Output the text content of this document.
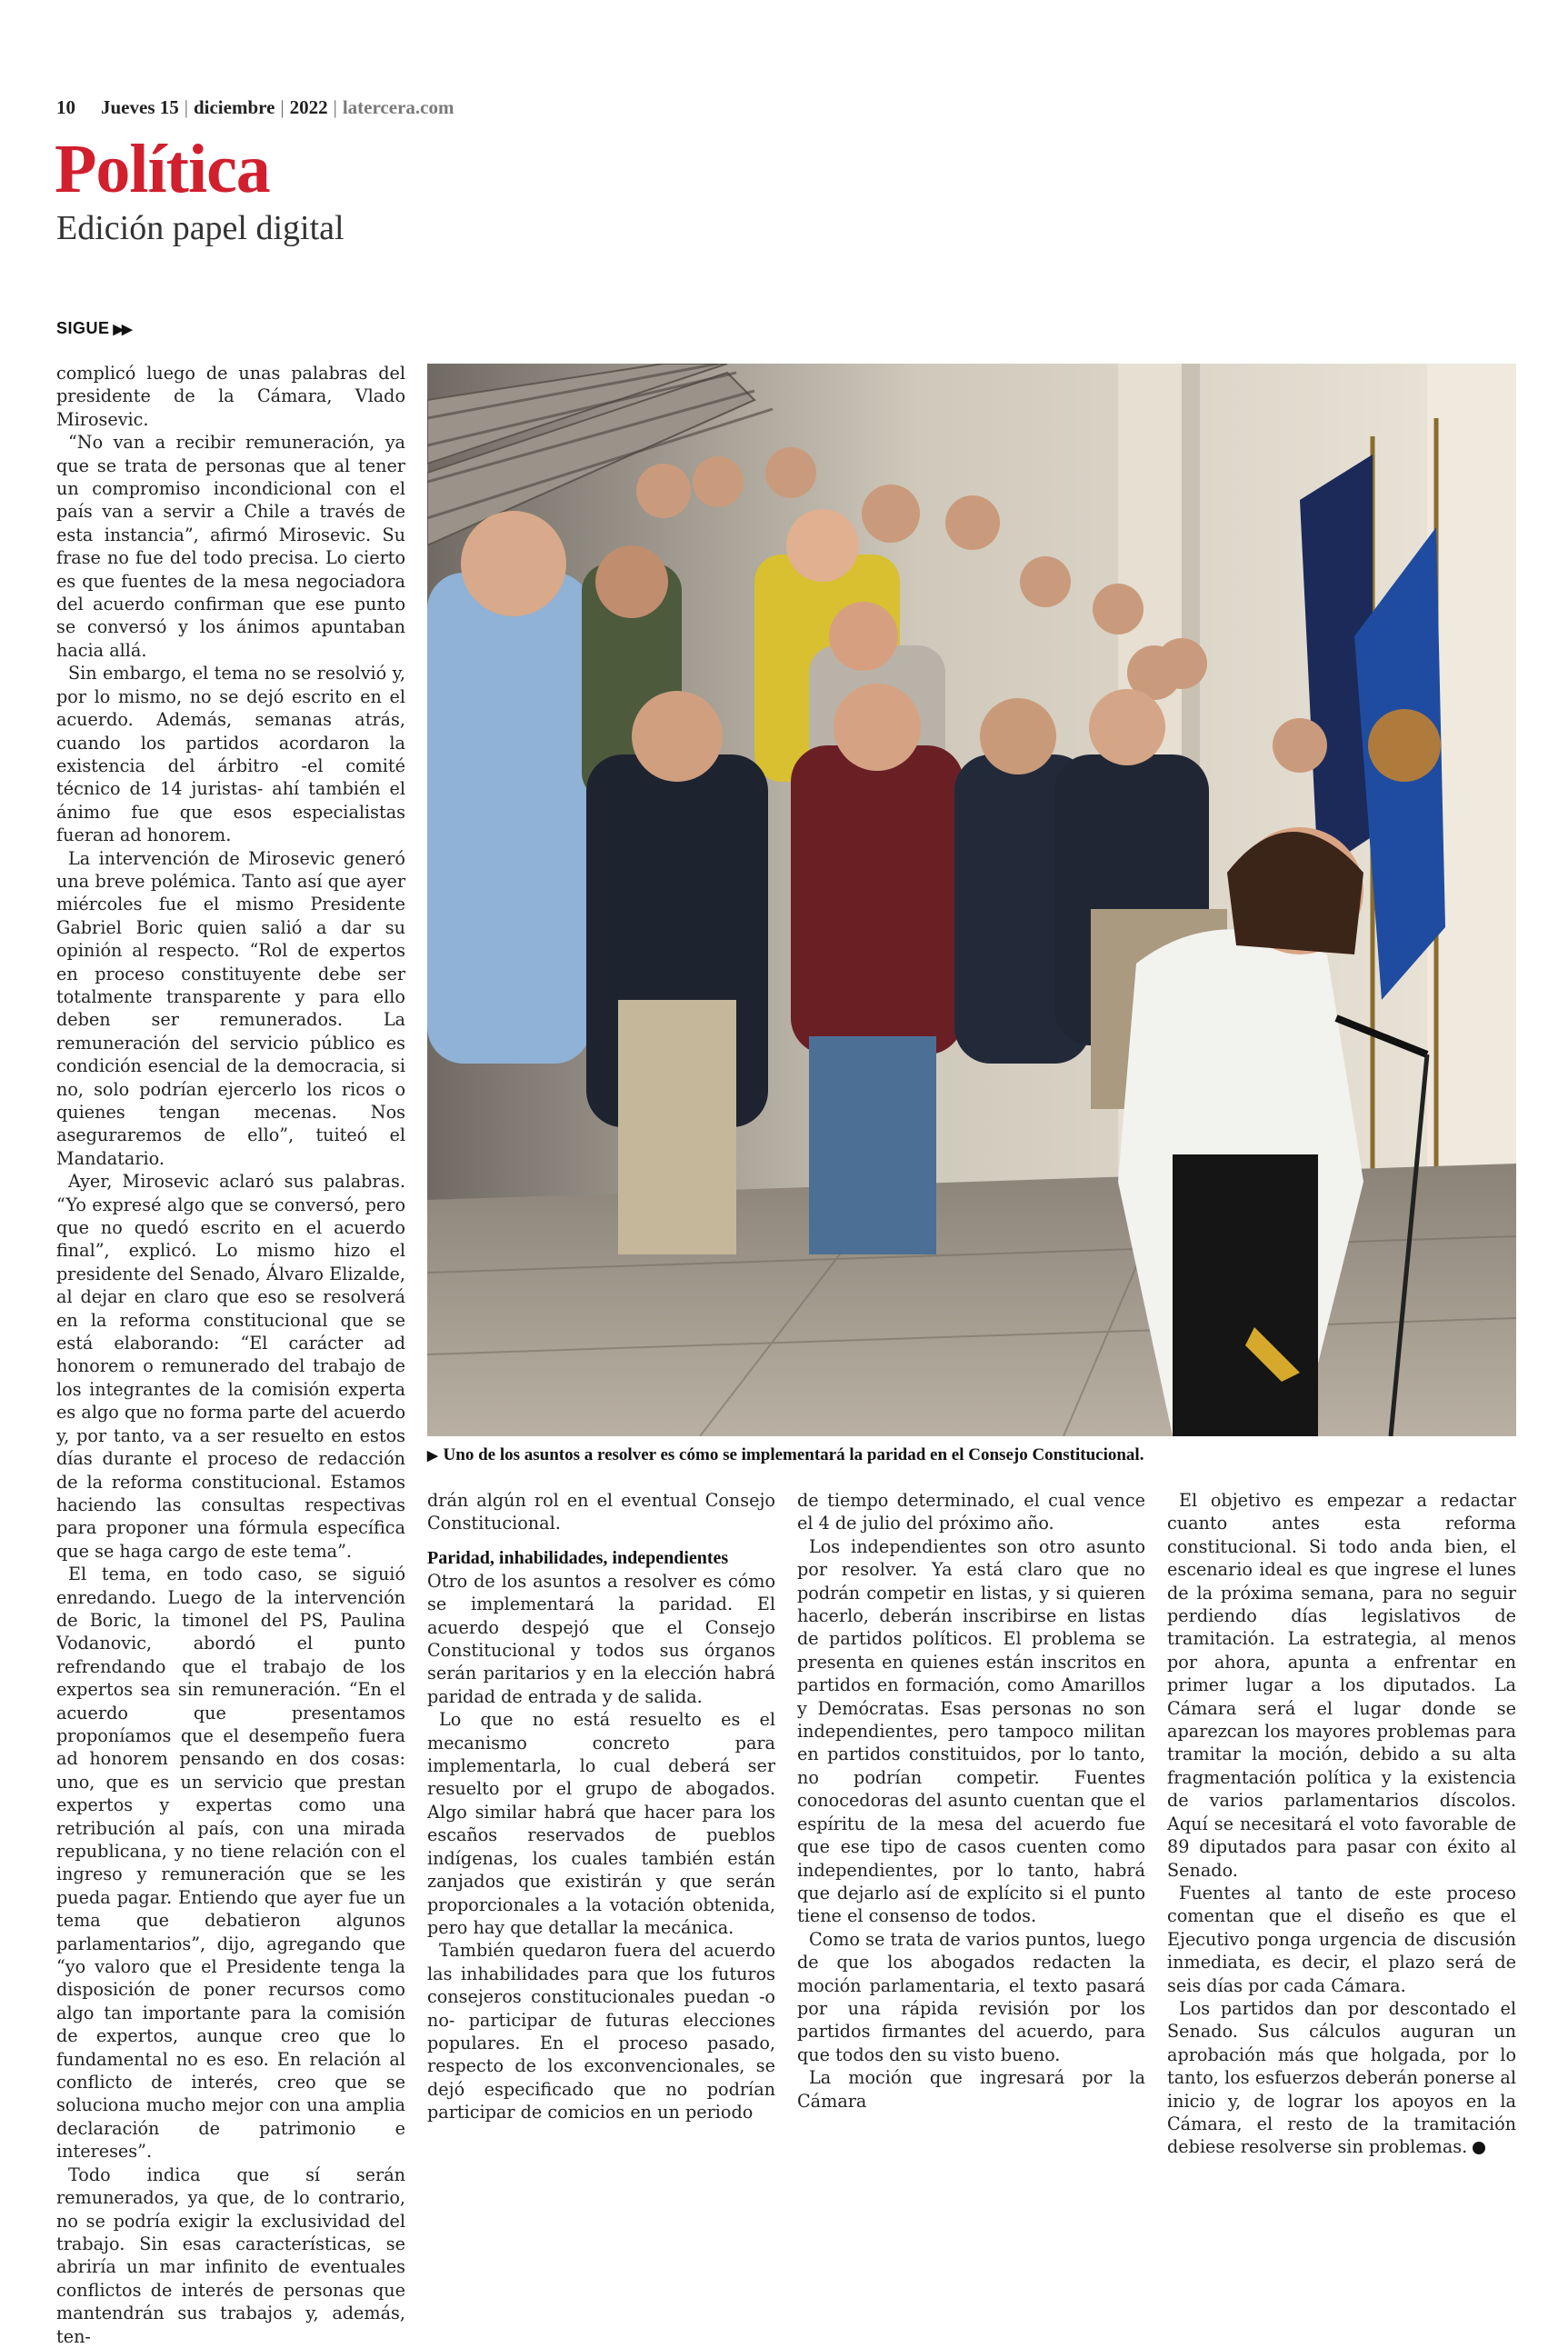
10 Jueves 15 | diciembre | 2022 | latercera.com
Política
Edición papel digital
SIGUE ▶▶

complicó luego de unas palabras del presidente de la Cámara, Vlado Mirosevic.

“No van a recibir remuneración, ya que se trata de personas que al tener un compromiso incondicional con el país van a servir a Chile a través de esta instancia”, afirmó Mirosevic. Su frase no fue del todo precisa. Lo cierto es que fuentes de la mesa negociadora del acuerdo confirman que ese punto se conversó y los ánimos apuntaban hacia allá.

Sin embargo, el tema no se resolvió y, por lo mismo, no se dejó escrito en el acuerdo. Además, semanas atrás, cuando los partidos acordaron la existencia del árbitro -el comité técnico de 14 juristas- ahí también el ánimo fue que esos especialistas fueran ad honorem.

La intervención de Mirosevic generó una breve polémica. Tanto así que ayer miércoles fue el mismo Presidente Gabriel Boric quien salió a dar su opinión al respecto. “Rol de expertos en proceso constituyente debe ser totalmente transparente y para ello deben ser remunerados. La remuneración del servicio público es condición esencial de la democracia, si no, solo podrían ejercerlo los ricos o quienes tengan mecenas. Nos aseguraremos de ello”, tuiteó el Mandatario.

Ayer, Mirosevic aclaró sus palabras. “Yo expresé algo que se conversó, pero que no quedó escrito en el acuerdo final”, explicó. Lo mismo hizo el presidente del Senado, Álvaro Elizalde, al dejar en claro que eso se resolverá en la reforma constitucional que se está elaborando: “El carácter ad honorem o remunerado del trabajo de los integrantes de la comisión experta es algo que no forma parte del acuerdo y, por tanto, va a ser resuelto en estos días durante el proceso de redacción de la reforma constitucional. Estamos haciendo las consultas respectivas para proponer una fórmula específica que se haga cargo de este tema”.

El tema, en todo caso, se siguió enredando. Luego de la intervención de Boric, la timonel del PS, Paulina Vodanovic, abordó el punto refrendando que el trabajo de los expertos sea sin remuneración. “En el acuerdo que presentamos proponíamos que el desempeño fuera ad honorem pensando en dos cosas: uno, que es un servicio que prestan expertos y expertas como una retribución al país, con una mirada republicana, y no tiene relación con el ingreso y remuneración que se les pueda pagar. Entiendo que ayer fue un tema que debatieron algunos parlamentarios”, dijo, agregando que “yo valoro que el Presidente tenga la disposición de poner recursos como algo tan importante para la comisión de expertos, aunque creo que lo fundamental no es eso. En relación al conflicto de interés, creo que se soluciona mucho mejor con una amplia declaración de patrimonio e intereses”.

Todo indica que sí serán remunerados, ya que, de lo contrario, no se podría exigir la exclusividad del trabajo. Sin esas características, se abriría un mar infinito de eventuales conflictos de interés de personas que mantendrán sus trabajos y, además, ten-

▶ Uno de los asuntos a resolver es cómo se implementará la paridad en el Consejo Constitucional.

drán algún rol en el eventual Consejo Constitucional.

Paridad, inhabilidades, independientes

Otro de los asuntos a resolver es cómo se implementará la paridad. El acuerdo despejó que el Consejo Constitucional y todos sus órganos serán paritarios y en la elección habrá paridad de entrada y de salida.

Lo que no está resuelto es el mecanismo concreto para implementarla, lo cual deberá ser resuelto por el grupo de abogados. Algo similar habrá que hacer para los escaños reservados de pueblos indígenas, los cuales también están zanjados que existirán y que serán proporcionales a la votación obtenida, pero hay que detallar la mecánica.

También quedaron fuera del acuerdo las inhabilidades para que los futuros consejeros constitucionales puedan -o no- participar de futuras elecciones populares. En el proceso pasado, respecto de los exconvencionales, se dejó especificado que no podrían participar de comicios en un periodo

de tiempo determinado, el cual vence el 4 de julio del próximo año.

Los independientes son otro asunto por resolver. Ya está claro que no podrán competir en listas, y si quieren hacerlo, deberán inscribirse en listas de partidos políticos. El problema se presenta en quienes están inscritos en partidos en formación, como Amarillos y Demócratas. Esas personas no son independientes, pero tampoco militan en partidos constituidos, por lo tanto, no podrían competir. Fuentes conocedoras del asunto cuentan que el espíritu de la mesa del acuerdo fue que ese tipo de casos cuenten como independientes, por lo tanto, habrá que dejarlo así de explícito si el punto tiene el consenso de todos.

Como se trata de varios puntos, luego de que los abogados redacten la moción parlamentaria, el texto pasará por una rápida revisión por los partidos firmantes del acuerdo, para que todos den su visto bueno.

La moción que ingresará por la Cámara

El objetivo es empezar a redactar cuanto antes esta reforma constitucional. Si todo anda bien, el escenario ideal es que ingrese el lunes de la próxima semana, para no seguir perdiendo días legislativos de tramitación. La estrategia, al menos por ahora, apunta a enfrentar en primer lugar a los diputados. La Cámara será el lugar donde se aparezcan los mayores problemas para tramitar la moción, debido a su alta fragmentación política y la existencia de varios parlamentarios díscolos. Aquí se necesitará el voto favorable de 89 diputados para pasar con éxito al Senado.

Fuentes al tanto de este proceso comentan que el diseño es que el Ejecutivo ponga urgencia de discusión inmediata, es decir, el plazo será de seis días por cada Cámara.

Los partidos dan por descontado el Senado. Sus cálculos auguran un aprobación más que holgada, por lo tanto, los esfuerzos deberán ponerse al inicio y, de lograr los apoyos en la Cámara, el resto de la tramitación debiese resolverse sin problemas.
